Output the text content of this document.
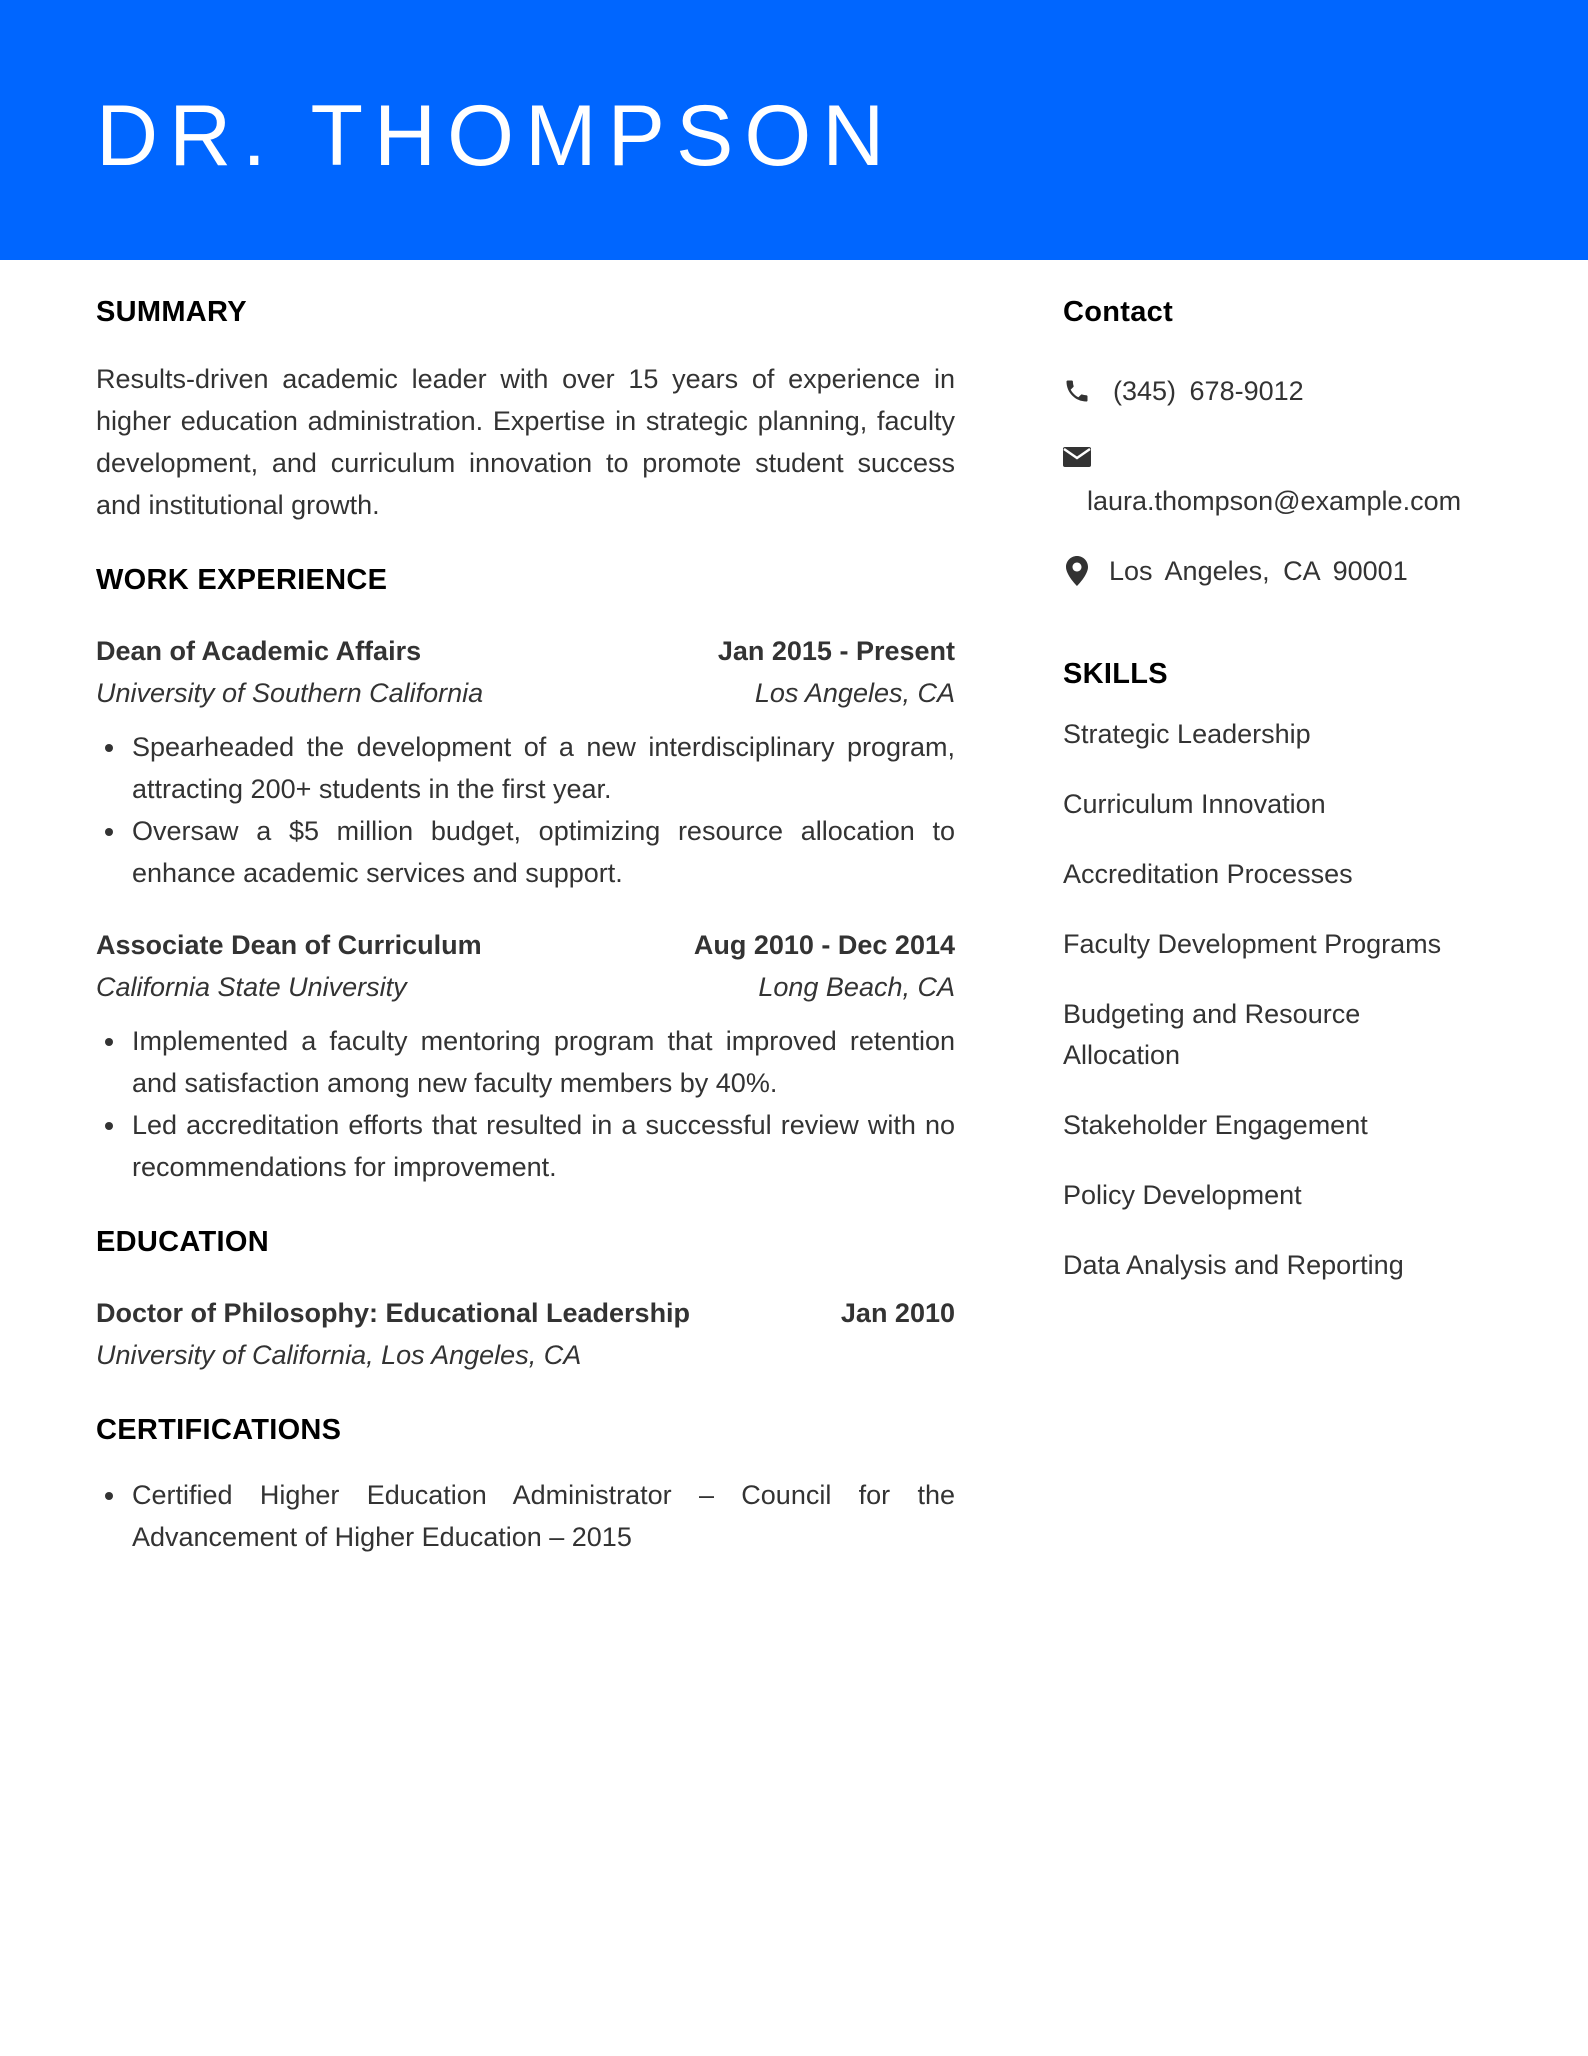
DR. THOMPSON
SUMMARY

Results-driven academic leader with over 15 years of experience in higher education administration. Expertise in strategic planning, faculty development, and curriculum innovation to promote student success and institutional growth.

WORK EXPERIENCE
Dean of Academic Affairs	Jan 2015 - Present
University of Southern California	Los Angeles, CA
Spearheaded the development of a new interdisciplinary program, attracting 200+ students in the first year.
Oversaw a $5 million budget, optimizing resource allocation to enhance academic services and support.
Associate Dean of Curriculum	Aug 2010 - Dec 2014
California State University	Long Beach, CA
Implemented a faculty mentoring program that improved retention and satisfaction among new faculty members by 40%.
Led accreditation efforts that resulted in a successful review with no recommendations for improvement.
EDUCATION
Doctor of Philosophy: Educational Leadership	Jan 2010
University of California, Los Angeles, CA
CERTIFICATIONS
Certified Higher Education Administrator – Council for the Advancement of Higher Education – 2015
Contact
(345) 678-9012
laura.thompson@example.com
Los Angeles, CA 90001
SKILLS
Strategic Leadership
Curriculum Innovation
Accreditation Processes
Faculty Development Programs
Budgeting and Resource Allocation
Stakeholder Engagement
Policy Development
Data Analysis and Reporting
